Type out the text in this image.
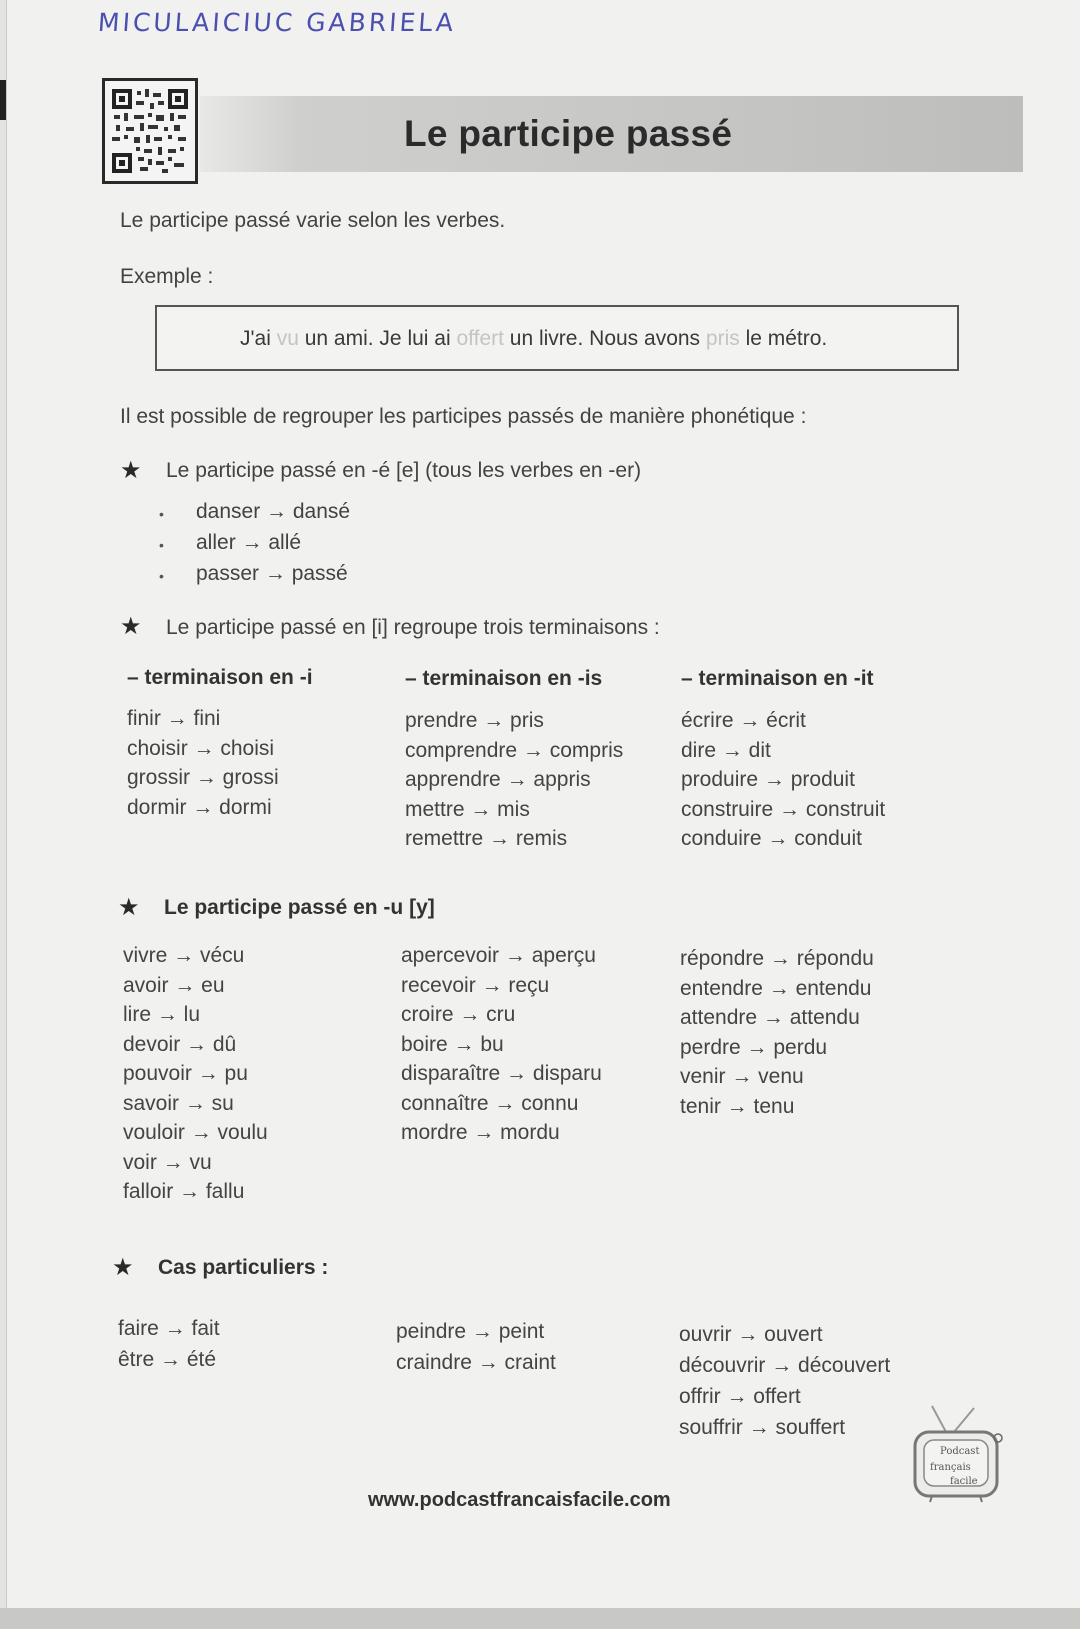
MICULAICIUC GABRIELA
Le participe passé
Le participe passé varie selon les verbes.
Exemple :
J'ai vu un ami. Je lui ai offert un livre. Nous avons pris le métro.
Il est possible de regrouper les participes passés de manière phonétique :
★ Le participe passé en -é [e] (tous les verbes en -er)
•
•
•
danser → dansé
aller → allé
passer → passé
★ Le participe passé en [i] regroupe trois terminaisons :
– terminaison en -i	– terminaison en -is	– terminaison en -it
finir → fini
choisir → choisi
grossir → grossi
dormir → dormi
prendre → pris
comprendre → compris
apprendre → appris
mettre → mis
remettre → remis
écrire → écrit
dire → dit
produire → produit
construire → construit
conduire → conduit
★ Le participe passé en -u [y]
vivre → vécu
avoir → eu
lire → lu
devoir → dû
pouvoir → pu
savoir → su
vouloir → voulu
voir → vu
falloir → fallu
apercevoir → aperçu
recevoir → reçu
croire → cru
boire → bu
disparaître → disparu
connaître → connu
mordre → mordu
répondre → répondu
entendre → entendu
attendre → attendu
perdre → perdu
venir → venu
tenir → tenu
★ Cas particuliers :
faire → fait
être → été
peindre → peint
craindre → craint
ouvrir → ouvert
découvrir → découvert
offrir → offert
souffrir → souffert
www.podcastfrancaisfacile.com
Podcast
français
facile
